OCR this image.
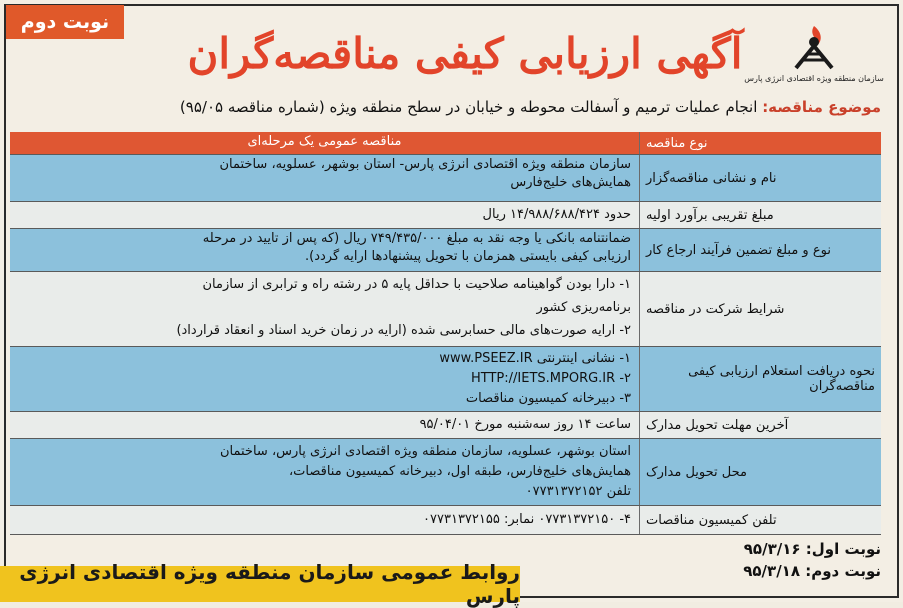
نوبت دوم
آگهی ارزیابی کیفی مناقصه‌گران
سازمان منطقه ویژه اقتصادی انرژی پارس
موضوع مناقصه: انجام عملیات ترمیم و آسفالت محوطه و خیابان در سطح منطقه ویژه (شماره مناقصه ۹۵/۰۵)
نوع مناقصه
مناقصه عمومی یک مرحله‌ای
نام و نشانی مناقصه‌گزار
سازمان منطقه ویژه اقتصادی انرژی پارس- استان بوشهر، عسلویه، ساختمان
همایش‌های خلیج‌فارس
مبلغ تقریبی برآورد اولیه
حدود ۱۴/۹۸۸/۶۸۸/۴۲۴ ریال
نوع و مبلغ تضمین فرآیند ارجاع کار
ضمانتنامه بانکی یا وجه نقد به مبلغ ۷۴۹/۴۳۵/۰۰۰ ریال (که پس از تایید در مرحله
ارزیابی کیفی بایستی همزمان با تحویل پیشنهادها ارایه گردد).
شرایط شرکت در مناقصه
۱- دارا بودن گواهینامه صلاحیت با حداقل پایه ۵ در رشته راه و ترابری از سازمان
برنامه‌ریزی کشور
۲- ارایه صورت‌های مالی حسابرسی شده (ارایه در زمان خرید اسناد و انعقاد قرارداد)
نحوه دریافت استعلام ارزیابی کیفی مناقصه‌گران
۱- نشانی اینترنتی www.PSEEZ.IR
۲- HTTP://IETS.MPORG.IR
۳- دبیرخانه کمیسیون مناقصات
آخرین مهلت تحویل مدارک
ساعت ۱۴ روز سه‌شنبه مورخ ۹۵/۰۴/۰۱
محل تحویل مدارک
استان بوشهر، عسلویه، سازمان منطقه ویژه اقتصادی انرژی پارس، ساختمان
همایش‌های خلیج‌فارس، طبقه اول، دبیرخانه کمیسیون مناقصات،
تلفن ۰۷۷۳۱۳۷۲۱۵۲
تلفن کمیسیون مناقصات
۴- ۰۷۷۳۱۳۷۲۱۵۰ نمابر: ۰۷۷۳۱۳۷۲۱۵۵
نوبت اول: ۹۵/۳/۱۶
نوبت دوم: ۹۵/۳/۱۸
روابط عمومی سازمان منطقه ویژه اقتصادی انرژی پارس
